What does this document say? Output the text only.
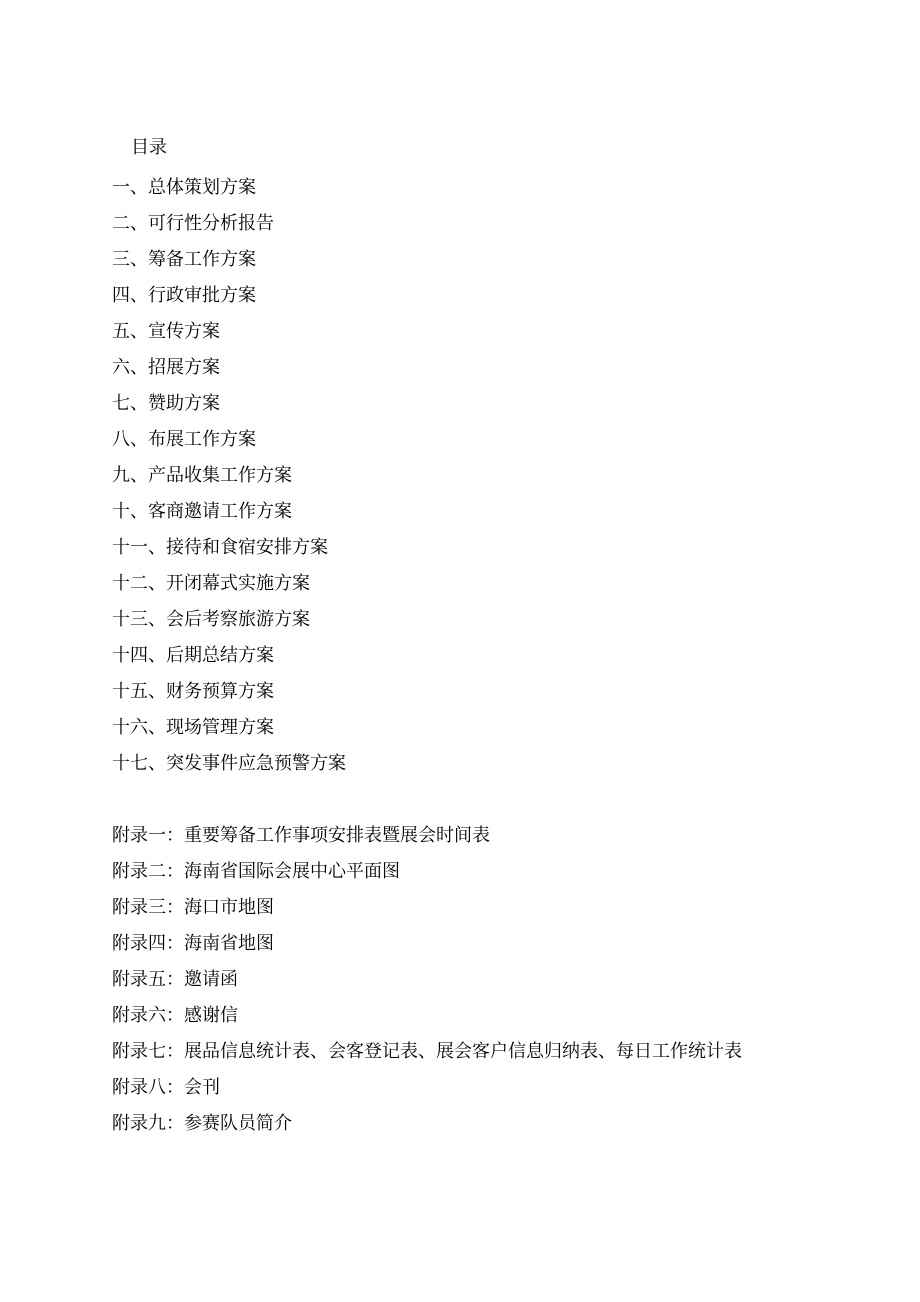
目录
一、总体策划方案
二、可行性分析报告
三、筹备工作方案
四、行政审批方案
五、宣传方案
六、招展方案
七、赞助方案
八、布展工作方案
九、产品收集工作方案
十、客商邀请工作方案
十一、接待和食宿安排方案
十二、开闭幕式实施方案
十三、会后考察旅游方案
十四、后期总结方案
十五、财务预算方案
十六、现场管理方案
十七、突发事件应急预警方案
附录一：重要筹备工作事项安排表暨展会时间表
附录二：海南省国际会展中心平面图
附录三：海口市地图
附录四：海南省地图
附录五：邀请函
附录六：感谢信
附录七：展品信息统计表、会客登记表、展会客户信息归纳表、每日工作统计表
附录八：会刊
附录九：参赛队员简介
